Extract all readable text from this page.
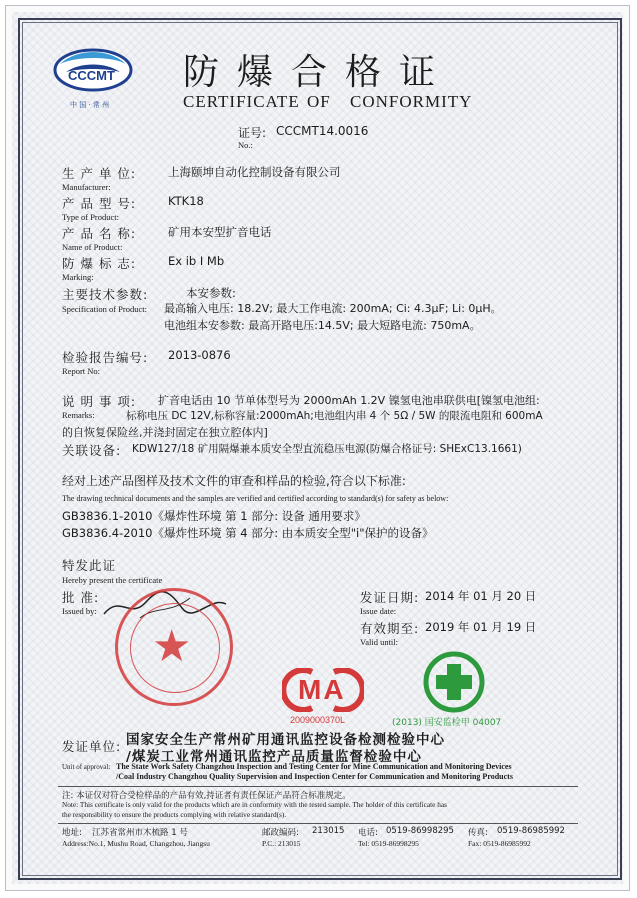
CCCMT
中 国 · 常 州
防爆合格证
CERTIFICATE OF CONFORMITY
证号: CCCMT14.0016
No.:
生 产 单 位:	上海颐坤自动化控制设备有限公司
Manufacturer:
产 品 型 号:	KTK18
Type of Product:
产 品 名 称:	矿用本安型扩音电话
Name of Product:
防 爆 标 志:	Ex ib I Mb
Marking:
主要技术参数:	本安参数:
Specification of Product: 最高输入电压: 18.2V; 最大工作电流: 200mA; Ci: 4.3μF; Li: 0μH。
电池组本安参数: 最高开路电压:14.5V; 最大短路电流: 750mA。
检验报告编号: 2013-0876
Report No:
说 明 事 项: 扩音电话由 10 节单体型号为 2000mAh 1.2V 镍氢电池串联供电[镍氢电池组:
Remarks:	标称电压 DC 12V,标称容量:2000mAh;电池组内串 4 个 5Ω / 5W 的限流电阻和 600mA
的自恢复保险丝,并浇封固定在独立腔体内]
关联设备: KDW127/18 矿用隔爆兼本质安全型直流稳压电源(防爆合格证号: SHExC13.1661)
经对上述产品图样及技术文件的审查和样品的检验,符合以下标准:
The drawing technical documents and the samples are verified and certified according to standard(s) for safety as below:
GB3836.1-2010《爆炸性环境 第 1 部分: 设备 通用要求》
GB3836.4-2010《爆炸性环境 第 4 部分: 由本质安全型"i"保护的设备》
特发此证
Hereby present the certificate
批 准:
Issued by:
★
发证日期: 2014 年 01 月 20 日
Issue date:
有效期至: 2019 年 01 月 19 日
Valid until:
MA
2009000370L	(2013) 国安监检甲 04007
发证单位: 国家安全生产常州矿用通讯监控设备检测检验中心
/煤炭工业常州通讯监控产品质量监督检验中心
Unit of approval: The State Work Safety Changzhou Inspection and Testing Center for Mine Communication and Monitoring Devices
/Coal Industry Changzhou Quality Supervision and Inspection Center for Communication and Monitoring Products
注: 本证仅对符合受检样品的产品有效,持证者有责任保证产品符合标准规定。
Note: This certificate is only valid for the products which are in conformity with the tested sample. The holder of this certificate has
the responsibility to ensure the products complying with relative standard(s).
地址: 江苏省常州市木梳路 1 号
Address:No.1, Mushu Road, Changzhou, Jiangsu
邮政编码: 213015
P.C.: 213015
电话: 0519-86998295
Tel: 0519-86998295
传真: 0519-86985992
Fax: 0519-86985992
